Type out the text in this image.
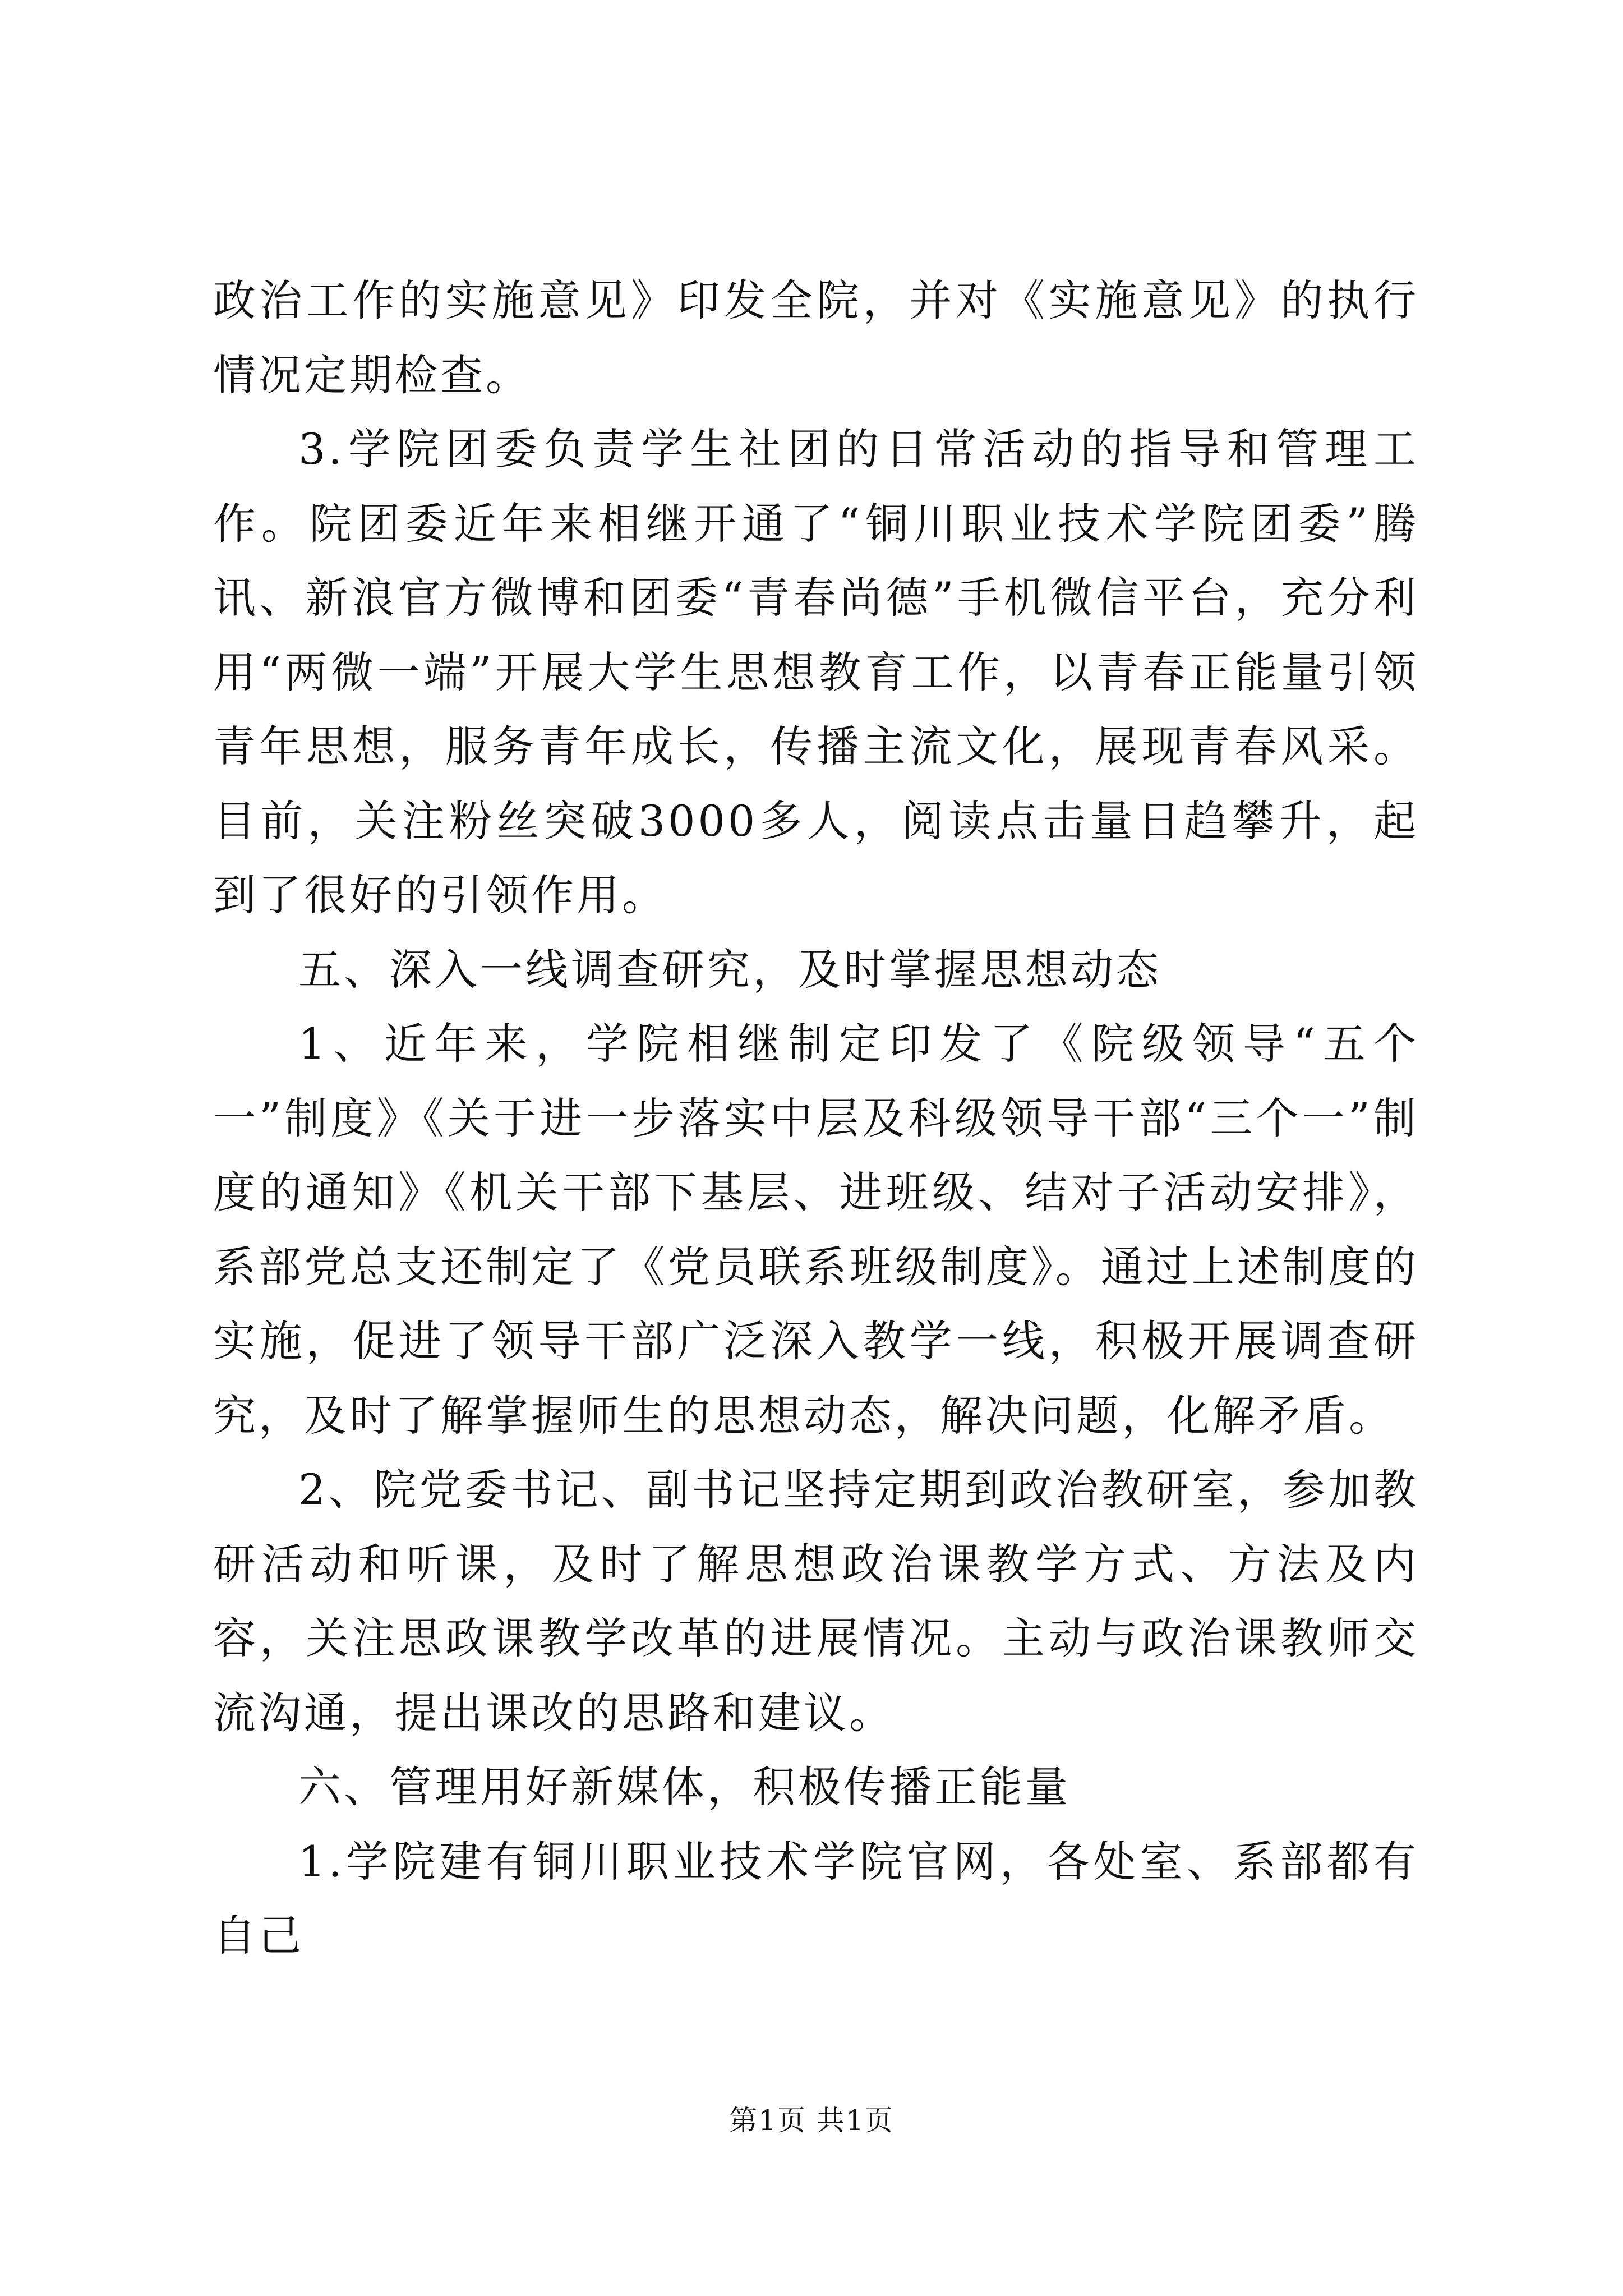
政治工作的实施意见》印发全院，并对《实施意见》的执行情况定期检查。

3.学院团委负责学生社团的日常活动的指导和管理工作。院团委近年来相继开通了“铜川职业技术学院团委”腾讯、新浪官方微博和团委“青春尚德”手机微信平台，充分利用“两微一端”开展大学生思想教育工作，以青春正能量引领青年思想，服务青年成长，传播主流文化，展现青春风采。目前，关注粉丝突破3000多人，阅读点击量日趋攀升，起到了很好的引领作用。

五、深入一线调查研究，及时掌握思想动态

1、近年来，学院相继制定印发了《院级领导“五个一”制度》《关于进一步落实中层及科级领导干部“三个一”制度的通知》《机关干部下基层、进班级、结对子活动安排》，系部党总支还制定了《党员联系班级制度》。通过上述制度的实施，促进了领导干部广泛深入教学一线，积极开展调查研究，及时了解掌握师生的思想动态，解决问题，化解矛盾。

2、院党委书记、副书记坚持定期到政治教研室，参加教研活动和听课，及时了解思想政治课教学方式、方法及内容，关注思政课教学改革的进展情况。主动与政治课教师交流沟通，提出课改的思路和建议。

六、管理用好新媒体，积极传播正能量

1.学院建有铜川职业技术学院官网，各处室、系部都有自己

第1页 共1页
